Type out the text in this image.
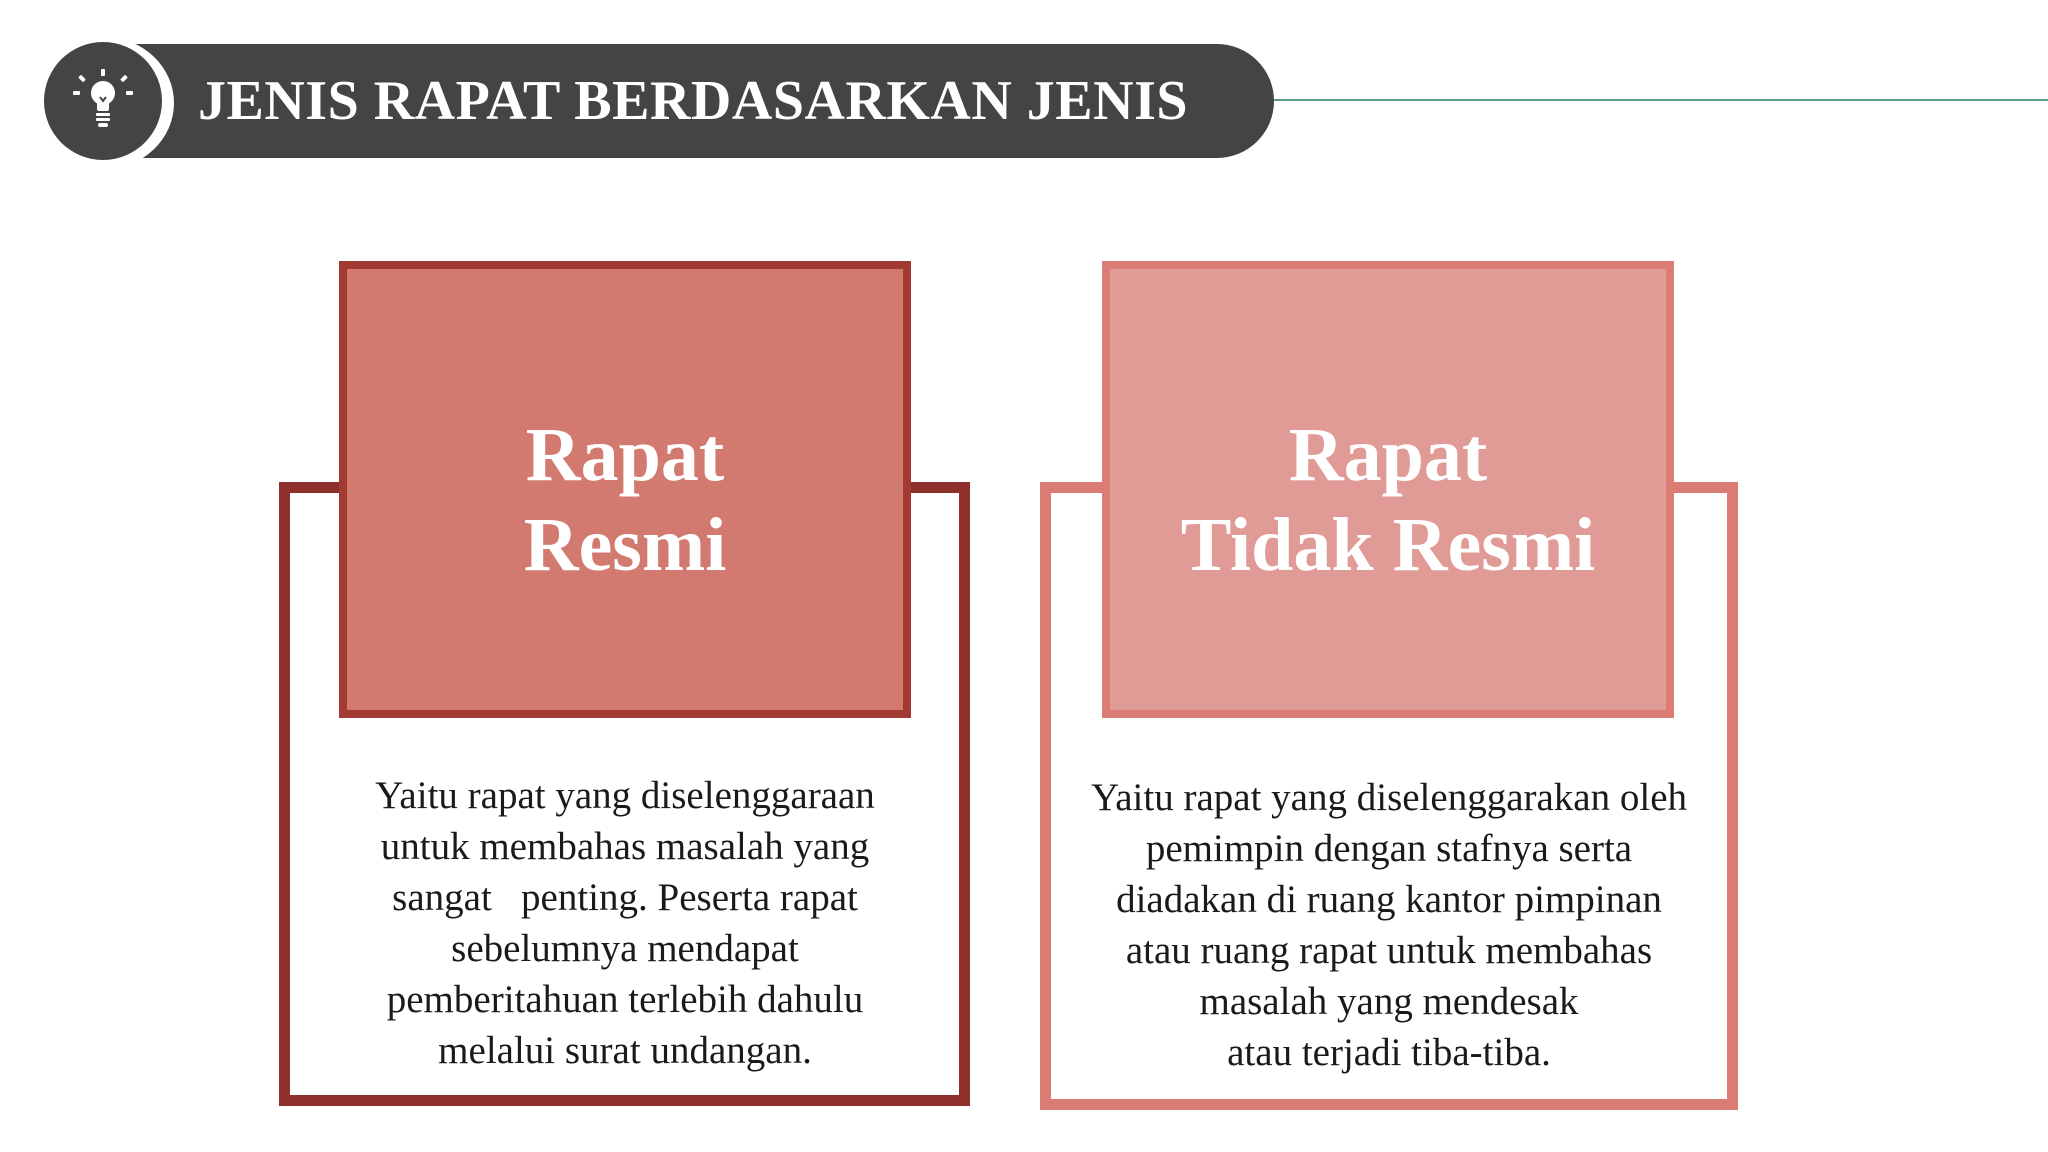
JENIS RAPAT BERDASARKAN JENIS
Rapat
Resmi
Yaitu rapat yang diselenggaraan
untuk membahas masalah yang
sangat   penting. Peserta rapat
sebelumnya mendapat
pemberitahuan terlebih dahulu
melalui surat undangan.
Rapat
Tidak Resmi
Yaitu rapat yang diselenggarakan oleh
pemimpin dengan stafnya serta
diadakan di ruang kantor pimpinan
atau ruang rapat untuk membahas
masalah yang mendesak
atau terjadi tiba-tiba.
